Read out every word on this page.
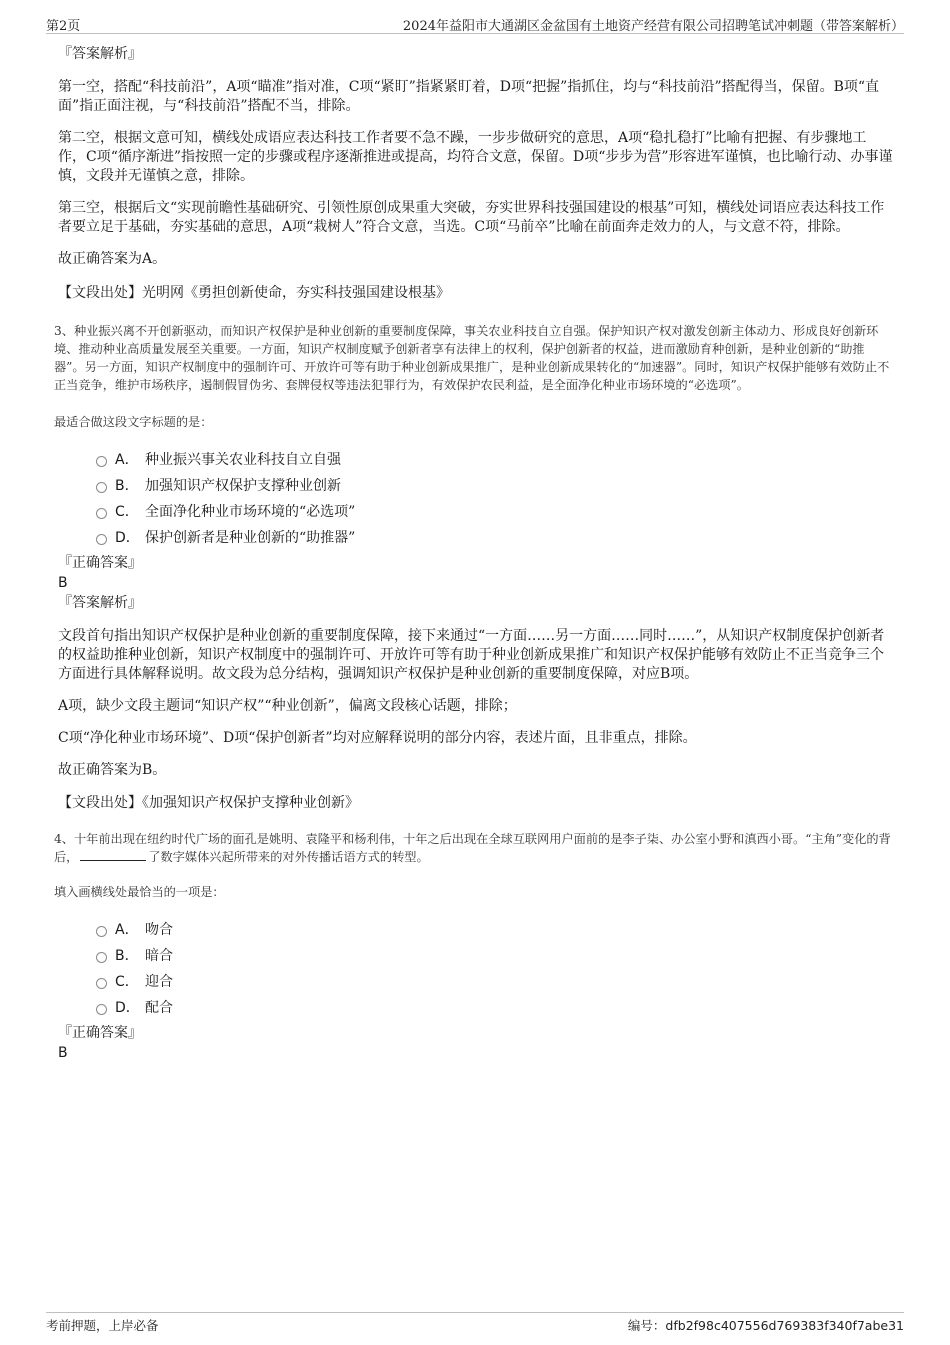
第2页	2024年益阳市大通湖区金盆国有土地资产经营有限公司招聘笔试冲刺题（带答案解析）

『答案解析』

第一空，搭配“科技前沿”，A项“瞄准”指对准，C项“紧盯”指紧紧盯着，D项“把握”指抓住，均与“科技前沿”搭配得当，保留。B项“直面”指正面注视，与“科技前沿”搭配不当，排除。

第二空，根据文意可知，横线处成语应表达科技工作者要不急不躁，一步步做研究的意思，A项“稳扎稳打”比喻有把握、有步骤地工作，C项“循序渐进”指按照一定的步骤或程序逐渐推进或提高，均符合文意，保留。D项“步步为营”形容进军谨慎，也比喻行动、办事谨慎，文段并无谨慎之意，排除。

第三空，根据后文“实现前瞻性基础研究、引领性原创成果重大突破，夯实世界科技强国建设的根基”可知，横线处词语应表达科技工作者要立足于基础，夯实基础的意思，A项“栽树人”符合文意，当选。C项“马前卒”比喻在前面奔走效力的人，与文意不符，排除。

故正确答案为A。

【文段出处】光明网《勇担创新使命，夯实科技强国建设根基》

3、种业振兴离不开创新驱动，而知识产权保护是种业创新的重要制度保障，事关农业科技自立自强。保护知识产权对激发创新主体动力、形成良好创新环境、推动种业高质量发展至关重要。一方面，知识产权制度赋予创新者享有法律上的权利，保护创新者的权益，进而激励育种创新，是种业创新的“助推器”。另一方面，知识产权制度中的强制许可、开放许可等有助于种业创新成果推广，是种业创新成果转化的“加速器”。同时，知识产权保护能够有效防止不正当竞争，维护市场秩序，遏制假冒伪劣、套牌侵权等违法犯罪行为，有效保护农民利益，是全面净化种业市场环境的“必选项”。

最适合做这段文字标题的是：

A． 种业振兴事关农业科技自立自强
B． 加强知识产权保护支撑种业创新
C． 全面净化种业市场环境的“必选项”
D． 保护创新者是种业创新的“助推器”

『正确答案』

B

『答案解析』

文段首句指出知识产权保护是种业创新的重要制度保障，接下来通过“一方面……另一方面……同时……”，从知识产权制度保护创新者的权益助推种业创新，知识产权制度中的强制许可、开放许可等有助于种业创新成果推广和知识产权保护能够有效防止不正当竞争三个方面进行具体解释说明。故文段为总分结构，强调知识产权保护是种业创新的重要制度保障，对应B项。

A项，缺少文段主题词“知识产权”“种业创新”，偏离文段核心话题，排除；

C项“净化种业市场环境”、D项“保护创新者”均对应解释说明的部分内容，表述片面，且非重点，排除。

故正确答案为B。

【文段出处】《加强知识产权保护支撑种业创新》

4、十年前出现在纽约时代广场的面孔是姚明、袁隆平和杨利伟，十年之后出现在全球互联网用户面前的是李子柒、办公室小野和滇西小哥。“主角”变化的背后，	了数字媒体兴起所带来的对外传播话语方式的转型。

填入画横线处最恰当的一项是：

A． 吻合
B． 暗合
C． 迎合
D． 配合

『正确答案』

B

考前押题，上岸必备	编号：dfb2f98c407556d769383f340f7abe31
